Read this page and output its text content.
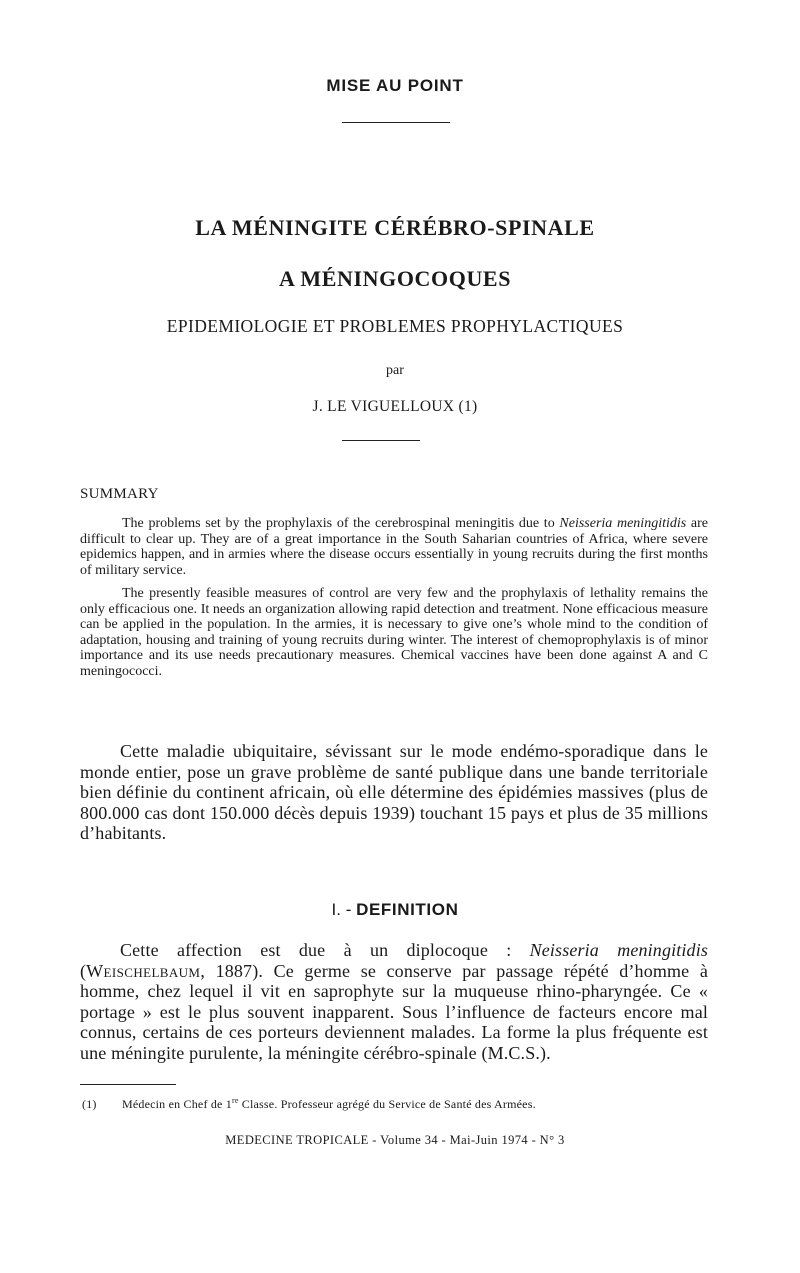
MISE AU POINT
LA MÉNINGITE CÉRÉBRO-SPINALE
A MÉNINGOCOQUES
EPIDEMIOLOGIE ET PROBLEMES PROPHYLACTIQUES
par
J. LE VIGUELLOUX (1)
SUMMARY

The problems set by the prophylaxis of the cerebrospinal meningitis due to Neisseria meningitidis are difficult to clear up. They are of a great importance in the South Saharian countries of Africa, where severe epidemics happen, and in armies where the disease occurs essentially in young recruits during the first months of military service.

The presently feasible measures of control are very few and the prophylaxis of lethality remains the only efficacious one. It needs an organization allowing rapid detection and treatment. None efficacious measure can be applied in the population. In the armies, it is necessary to give one’s whole mind to the condition of adaptation, housing and training of young recruits during winter. The interest of chemoprophylaxis is of minor importance and its use needs precautionary measures. Chemical vaccines have been done against A and C meningococci.

Cette maladie ubiquitaire, sévissant sur le mode endémo-sporadique dans le monde entier, pose un grave problème de santé publique dans une bande territoriale bien définie du continent africain, où elle détermine des épidémies massives (plus de 800.000 cas dont 150.000 décès depuis 1939) touchant 15 pays et plus de 35 millions d’habitants.

I. - DEFINITION

Cette affection est due à un diplocoque : Neisseria meningitidis (Weischelbaum, 1887). Ce germe se conserve par passage répété d’homme à homme, chez lequel il vit en saprophyte sur la muqueuse rhino-pharyngée. Ce « portage » est le plus souvent inapparent. Sous l’influence de facteurs encore mal connus, certains de ces porteurs deviennent malades. La forme la plus fréquente est une méningite purulente, la méningite cérébro-spinale (M.C.S.).

(1) Médecin en Chef de 1re Classe. Professeur agrégé du Service de Santé des Armées.
MEDECINE TROPICALE - Volume 34 - Mai-Juin 1974 - N° 3
